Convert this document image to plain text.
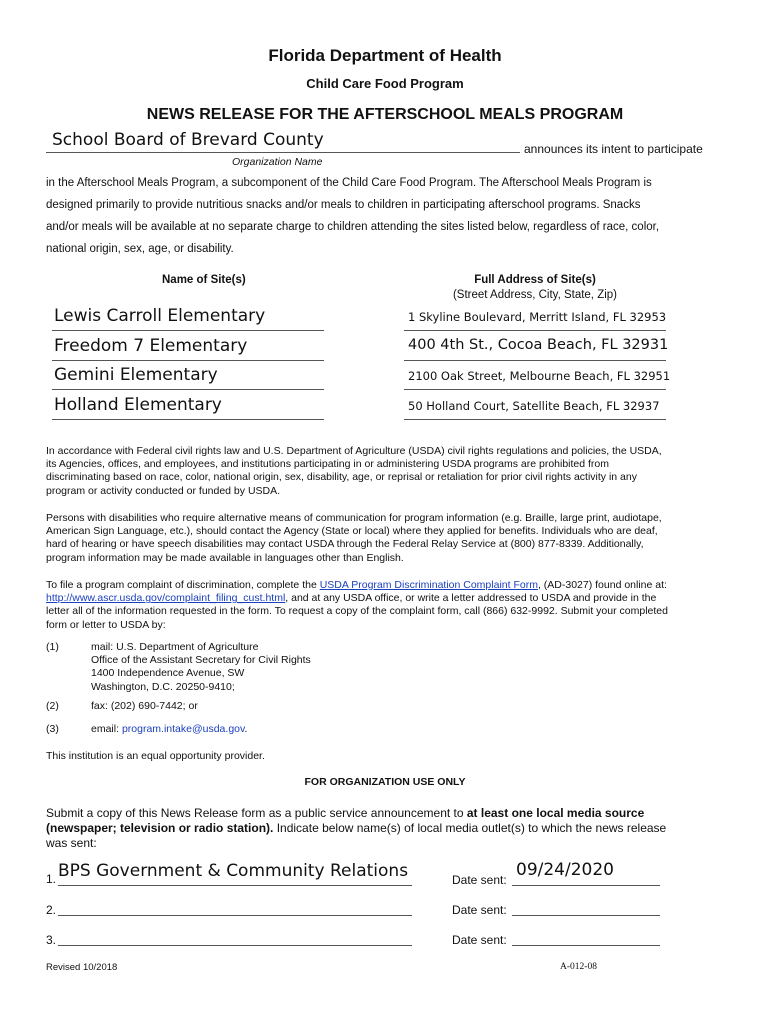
Florida Department of Health
Child Care Food Program
NEWS RELEASE FOR THE AFTERSCHOOL MEALS PROGRAM
School Board of Brevard County	announces its intent to participate
Organization Name
in the Afterschool Meals Program, a subcomponent of the Child Care Food Program. The Afterschool Meals Program is
designed primarily to provide nutritious snacks and/or meals to children in participating afterschool programs. Snacks
and/or meals will be available at no separate charge to children attending the sites listed below, regardless of race, color,
national origin, sex, age, or disability.
Name of Site(s)	Full Address of Site(s)
(Street Address, City, State, Zip)
Lewis Carroll Elementary	1 Skyline Boulevard, Merritt Island, FL 32953
Freedom 7 Elementary	400 4th St., Cocoa Beach, FL 32931
Gemini Elementary	2100 Oak Street, Melbourne Beach, FL 32951
Holland Elementary	50 Holland Court, Satellite Beach, FL 32937
In accordance with Federal civil rights law and U.S. Department of Agriculture (USDA) civil rights regulations and policies, the USDA,
its Agencies, offices, and employees, and institutions participating in or administering USDA programs are prohibited from
discriminating based on race, color, national origin, sex, disability, age, or reprisal or retaliation for prior civil rights activity in any
program or activity conducted or funded by USDA.
Persons with disabilities who require alternative means of communication for program information (e.g. Braille, large print, audiotape,
American Sign Language, etc.), should contact the Agency (State or local) where they applied for benefits. Individuals who are deaf,
hard of hearing or have speech disabilities may contact USDA through the Federal Relay Service at (800) 877-8339. Additionally,
program information may be made available in languages other than English.
To file a program complaint of discrimination, complete the USDA Program Discrimination Complaint Form, (AD-3027) found online at:
http://www.ascr.usda.gov/complaint_filing_cust.html, and at any USDA office, or write a letter addressed to USDA and provide in the
letter all of the information requested in the form. To request a copy of the complaint form, call (866) 632-9992. Submit your completed
form or letter to USDA by:
(1)	mail: U.S. Department of Agriculture
Office of the Assistant Secretary for Civil Rights
1400 Independence Avenue, SW
Washington, D.C. 20250-9410;
(2)	fax: (202) 690-7442; or
(3)	email: program.intake@usda.gov.
This institution is an equal opportunity provider.
FOR ORGANIZATION USE ONLY
Submit a copy of this News Release form as a public service announcement to at least one local media source
(newspaper; television or radio station). Indicate below name(s) of local media outlet(s) to which the news release
was sent:
1. BPS Government & Community Relations	Date sent: 09/24/2020
2.	Date sent:
3.	Date sent:
Revised 10/2018	A-012-08
